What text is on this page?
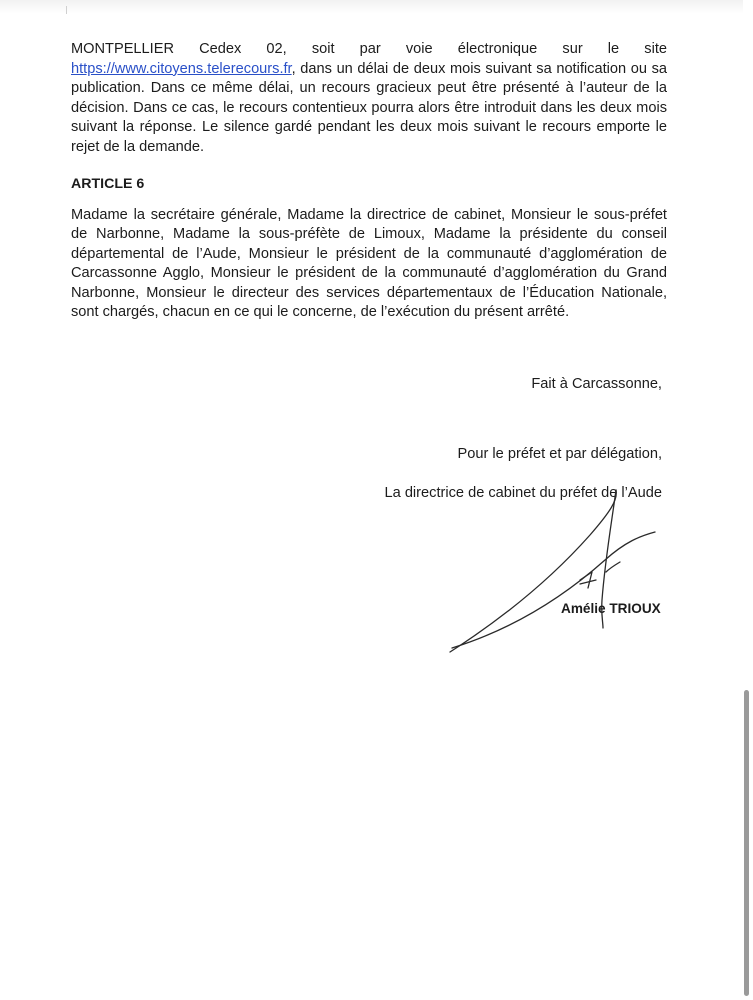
MONTPELLIER Cedex 02, soit par voie électronique sur le site https://www.citoyens.telerecours.fr, dans un délai de deux mois suivant sa notification ou sa publication. Dans ce même délai, un recours gracieux peut être présenté à l’auteur de la décision. Dans ce cas, le recours contentieux pourra alors être introduit dans les deux mois suivant la réponse. Le silence gardé pendant les deux mois suivant le recours emporte le rejet de la demande.

ARTICLE 6

Madame la secrétaire générale, Madame la directrice de cabinet, Monsieur le sous-préfet de Narbonne, Madame la sous-préfète de Limoux, Madame la présidente du conseil départemental de l’Aude, Monsieur le président de la communauté d’agglomération de Carcassonne Agglo, Monsieur le président de la communauté d’agglomération du Grand Narbonne, Monsieur le directeur des services départementaux de l’Éducation Nationale, sont chargés, chacun en ce qui le concerne, de l’exécution du présent arrêté.

Fait à Carcassonne,
Pour le préfet et par délégation,
La directrice de cabinet du préfet de l’Aude
Amélie TRIOUX
